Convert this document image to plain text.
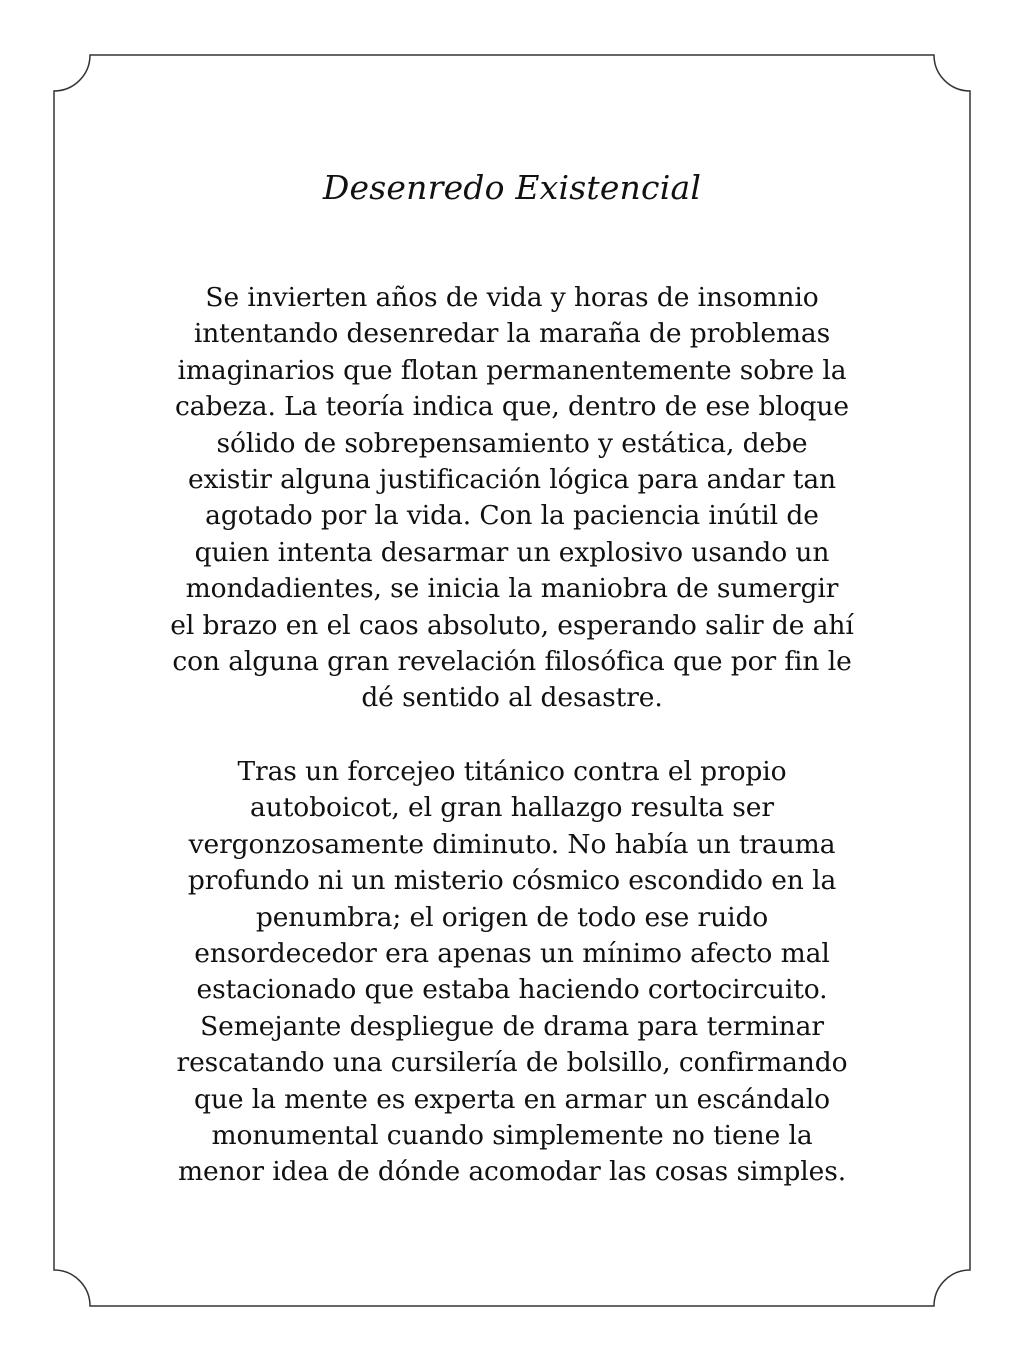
Desenredo Existencial

Se invierten años de vida y horas de insomnio
intentando desenredar la maraña de problemas
imaginarios que flotan permanentemente sobre la
cabeza. La teoría indica que, dentro de ese bloque
sólido de sobrepensamiento y estática, debe
existir alguna justificación lógica para andar tan
agotado por la vida. Con la paciencia inútil de
quien intenta desarmar un explosivo usando un
mondadientes, se inicia la maniobra de sumergir
el brazo en el caos absoluto, esperando salir de ahí
con alguna gran revelación filosófica que por fin le
dé sentido al desastre.

Tras un forcejeo titánico contra el propio
autoboicot, el gran hallazgo resulta ser
vergonzosamente diminuto. No había un trauma
profundo ni un misterio cósmico escondido en la
penumbra; el origen de todo ese ruido
ensordecedor era apenas un mínimo afecto mal
estacionado que estaba haciendo cortocircuito.
Semejante despliegue de drama para terminar
rescatando una cursilería de bolsillo, confirmando
que la mente es experta en armar un escándalo
monumental cuando simplemente no tiene la
menor idea de dónde acomodar las cosas simples.
